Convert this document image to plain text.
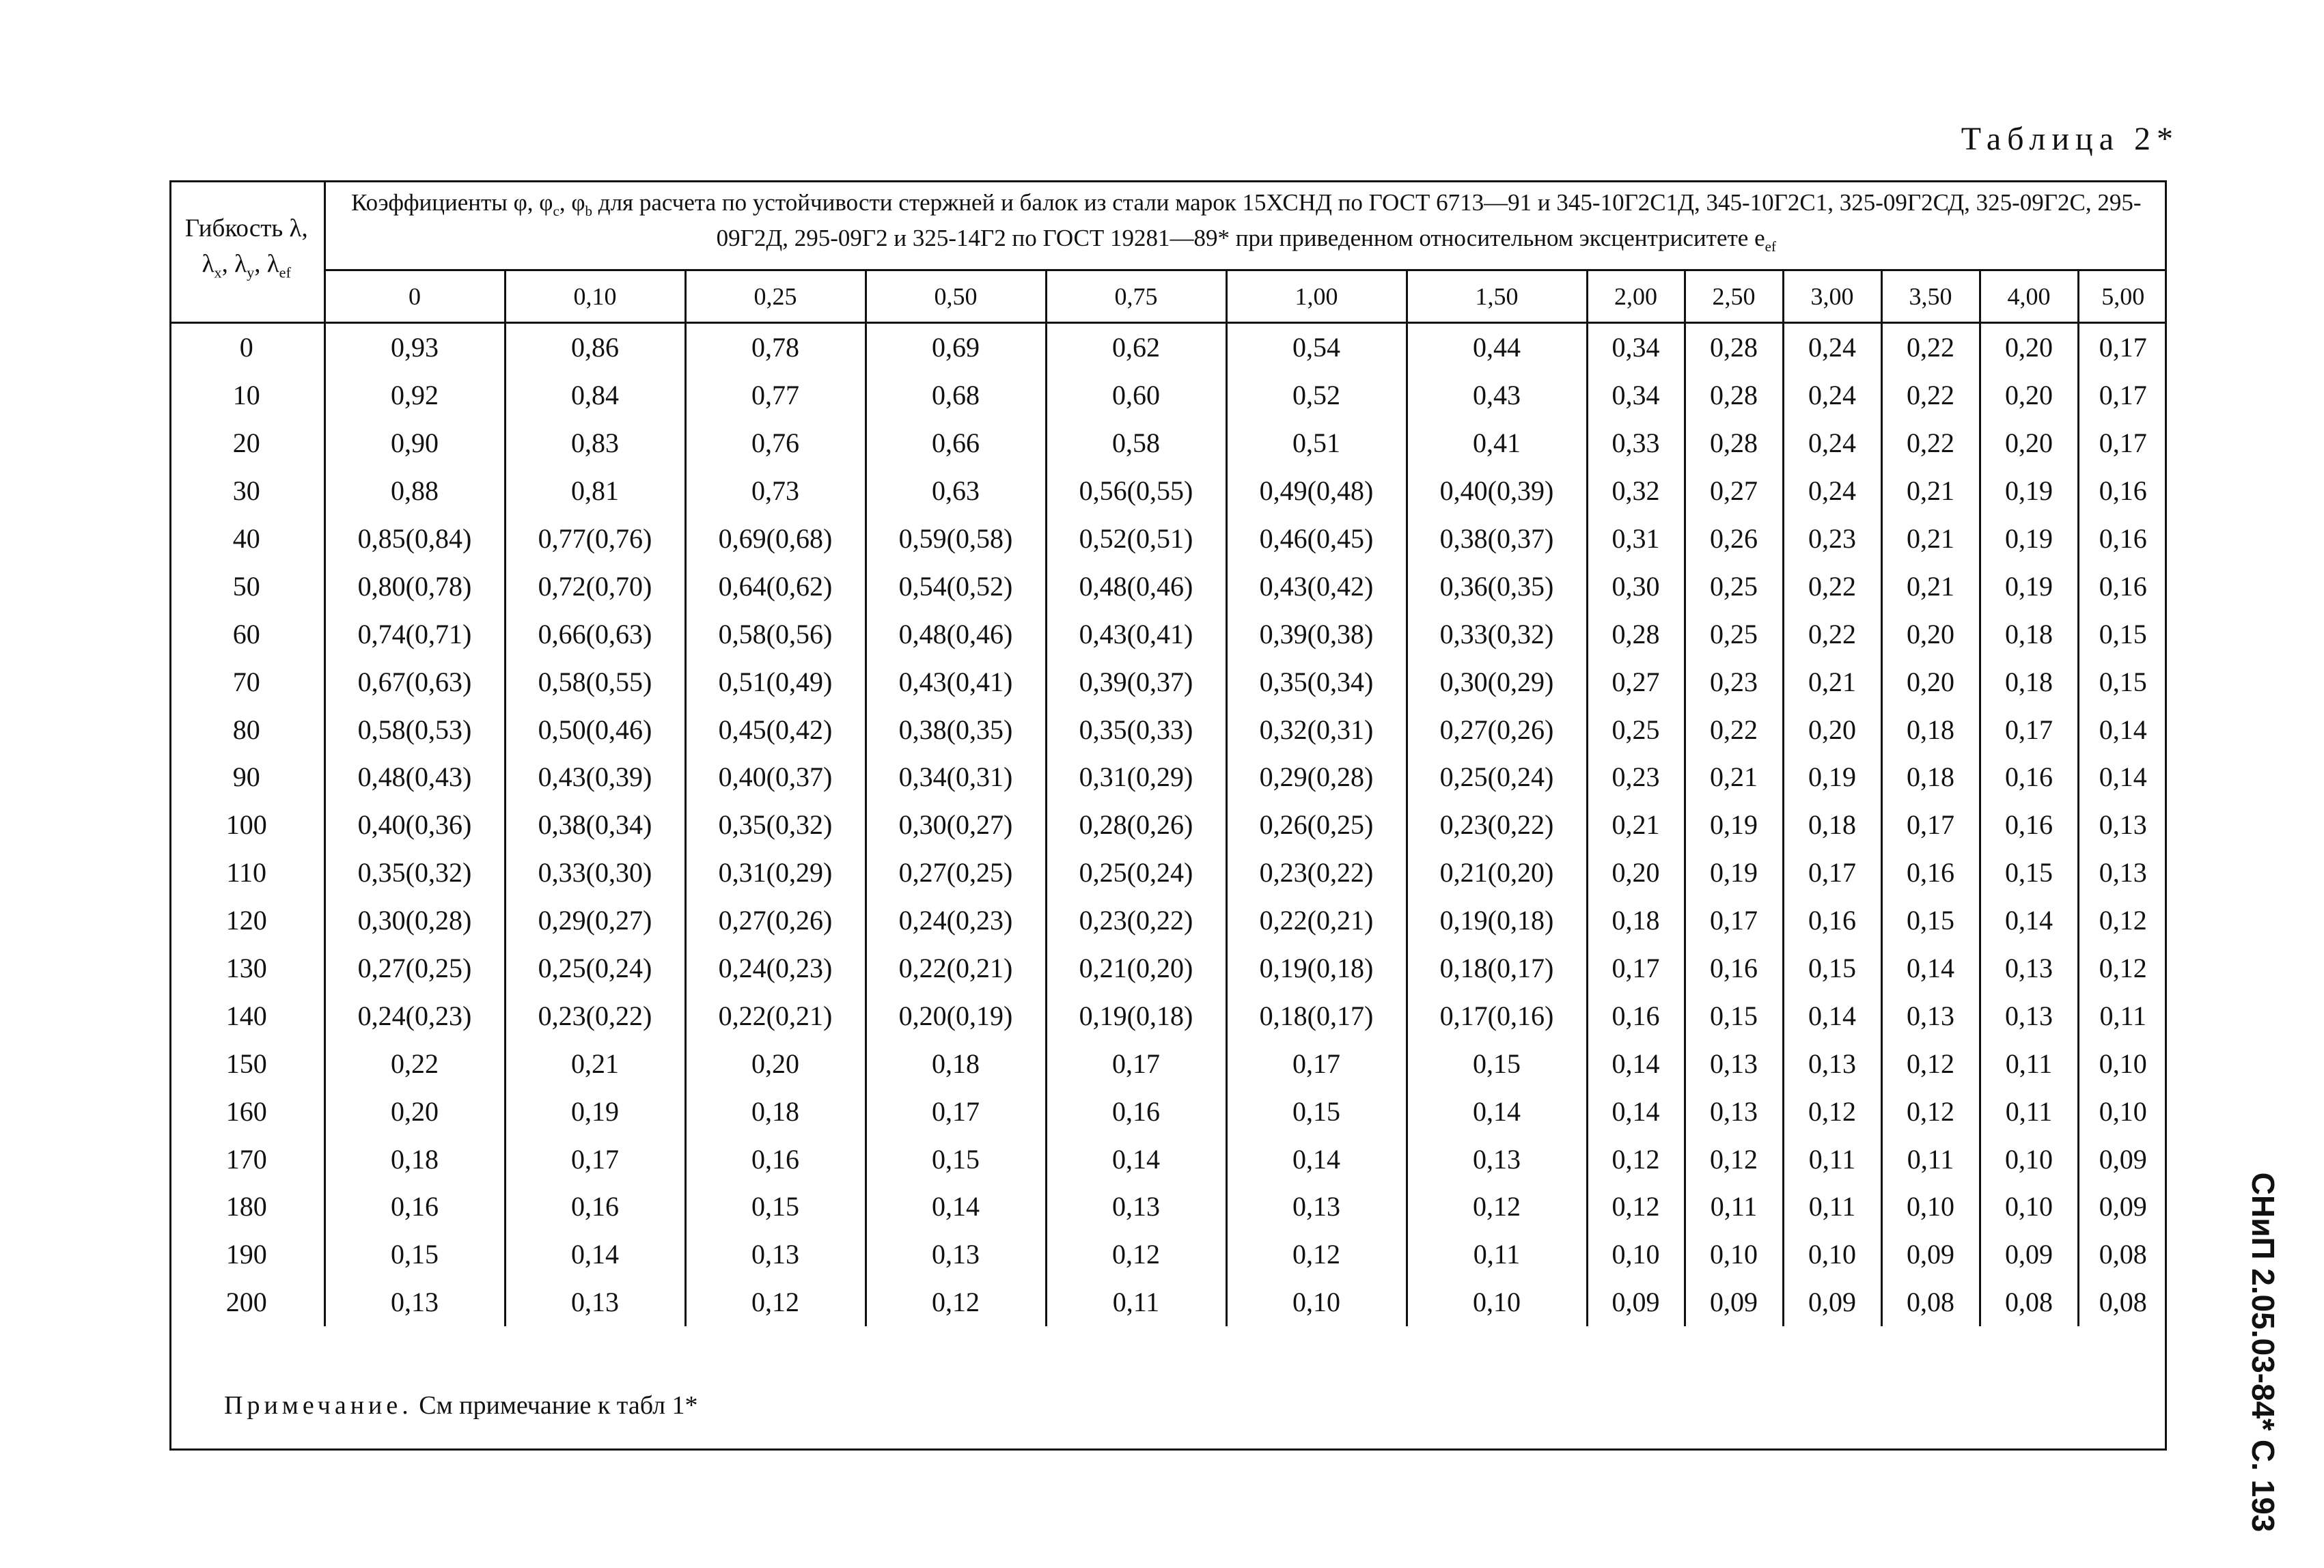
Таблица 2*
Гибкость λ,
$\lambda_x$, $\lambda_y$, $\lambda_{ef}$	Коэффициенты φ, $\varphi_c$, $\varphi_b$ для расчета по устойчивости стержней и балок из стали марок 15ХСНД по ГОСТ 6713—91 и 345-10Г2С1Д, 345-10Г2С1, 325-09Г2СД, 325-09Г2С, 295-09Г2Д, 295-09Г2 и 325-14Г2 по ГОСТ 19281—89* при приведенном относительном эксцентриситете $e_{ef}$
	0	0,10	0,25	0,50	0,75	1,00	1,50	2,00	2,50	3,00	3,50	4,00	5,00
0	0,93	0,86	0,78	0,69	0,62	0,54	0,44	0,34	0,28	0,24	0,22	0,20	0,17
10	0,92	0,84	0,77	0,68	0,60	0,52	0,43	0,34	0,28	0,24	0,22	0,20	0,17
20	0,90	0,83	0,76	0,66	0,58	0,51	0,41	0,33	0,28	0,24	0,22	0,20	0,17
30	0,88	0,81	0,73	0,63	0,56(0,55)	0,49(0,48)	0,40(0,39)	0,32	0,27	0,24	0,21	0,19	0,16
40	0,85(0,84)	0,77(0,76)	0,69(0,68)	0,59(0,58)	0,52(0,51)	0,46(0,45)	0,38(0,37)	0,31	0,26	0,23	0,21	0,19	0,16
50	0,80(0,78)	0,72(0,70)	0,64(0,62)	0,54(0,52)	0,48(0,46)	0,43(0,42)	0,36(0,35)	0,30	0,25	0,22	0,21	0,19	0,16
60	0,74(0,71)	0,66(0,63)	0,58(0,56)	0,48(0,46)	0,43(0,41)	0,39(0,38)	0,33(0,32)	0,28	0,25	0,22	0,20	0,18	0,15
70	0,67(0,63)	0,58(0,55)	0,51(0,49)	0,43(0,41)	0,39(0,37)	0,35(0,34)	0,30(0,29)	0,27	0,23	0,21	0,20	0,18	0,15
80	0,58(0,53)	0,50(0,46)	0,45(0,42)	0,38(0,35)	0,35(0,33)	0,32(0,31)	0,27(0,26)	0,25	0,22	0,20	0,18	0,17	0,14
90	0,48(0,43)	0,43(0,39)	0,40(0,37)	0,34(0,31)	0,31(0,29)	0,29(0,28)	0,25(0,24)	0,23	0,21	0,19	0,18	0,16	0,14
100	0,40(0,36)	0,38(0,34)	0,35(0,32)	0,30(0,27)	0,28(0,26)	0,26(0,25)	0,23(0,22)	0,21	0,19	0,18	0,17	0,16	0,13
110	0,35(0,32)	0,33(0,30)	0,31(0,29)	0,27(0,25)	0,25(0,24)	0,23(0,22)	0,21(0,20)	0,20	0,19	0,17	0,16	0,15	0,13
120	0,30(0,28)	0,29(0,27)	0,27(0,26)	0,24(0,23)	0,23(0,22)	0,22(0,21)	0,19(0,18)	0,18	0,17	0,16	0,15	0,14	0,12
130	0,27(0,25)	0,25(0,24)	0,24(0,23)	0,22(0,21)	0,21(0,20)	0,19(0,18)	0,18(0,17)	0,17	0,16	0,15	0,14	0,13	0,12
140	0,24(0,23)	0,23(0,22)	0,22(0,21)	0,20(0,19)	0,19(0,18)	0,18(0,17)	0,17(0,16)	0,16	0,15	0,14	0,13	0,13	0,11
150	0,22	0,21	0,20	0,18	0,17	0,17	0,15	0,14	0,13	0,13	0,12	0,11	0,10
160	0,20	0,19	0,18	0,17	0,16	0,15	0,14	0,14	0,13	0,12	0,12	0,11	0,10
170	0,18	0,17	0,16	0,15	0,14	0,14	0,13	0,12	0,12	0,11	0,11	0,10	0,09
180	0,16	0,16	0,15	0,14	0,13	0,13	0,12	0,12	0,11	0,11	0,10	0,10	0,09
190	0,15	0,14	0,13	0,13	0,12	0,12	0,11	0,10	0,10	0,10	0,09	0,09	0,08
200	0,13	0,13	0,12	0,12	0,11	0,10	0,10	0,09	0,09	0,09	0,08	0,08	0,08
Примечание. См примечание к табл 1*	СНиП 2.05.03-84* С. 193
